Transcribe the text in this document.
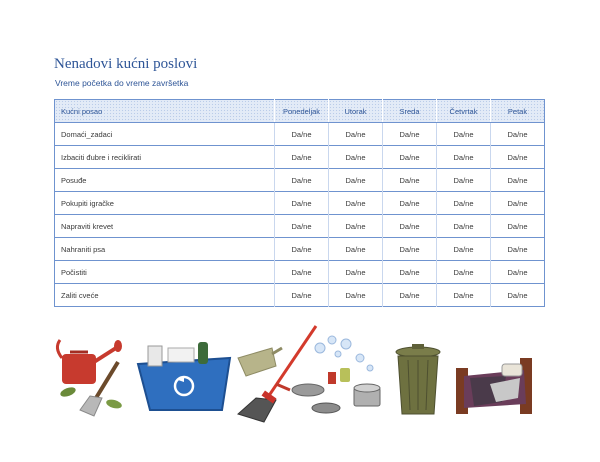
Nenadovi kućni poslovi
Vreme početka do vreme završetka
Kućni posao	Ponedeljak	Utorak	Sreda	Četvrtak	Petak
Domaći_zadaci	Da/ne	Da/ne	Da/ne	Da/ne	Da/ne
Izbaciti đubre i reciklirati	Da/ne	Da/ne	Da/ne	Da/ne	Da/ne
Posuđe	Da/ne	Da/ne	Da/ne	Da/ne	Da/ne
Pokupiti igračke	Da/ne	Da/ne	Da/ne	Da/ne	Da/ne
Napraviti krevet	Da/ne	Da/ne	Da/ne	Da/ne	Da/ne
Nahraniti psa	Da/ne	Da/ne	Da/ne	Da/ne	Da/ne
Počistiti	Da/ne	Da/ne	Da/ne	Da/ne	Da/ne
Zaliti cveće	Da/ne	Da/ne	Da/ne	Da/ne	Da/ne
